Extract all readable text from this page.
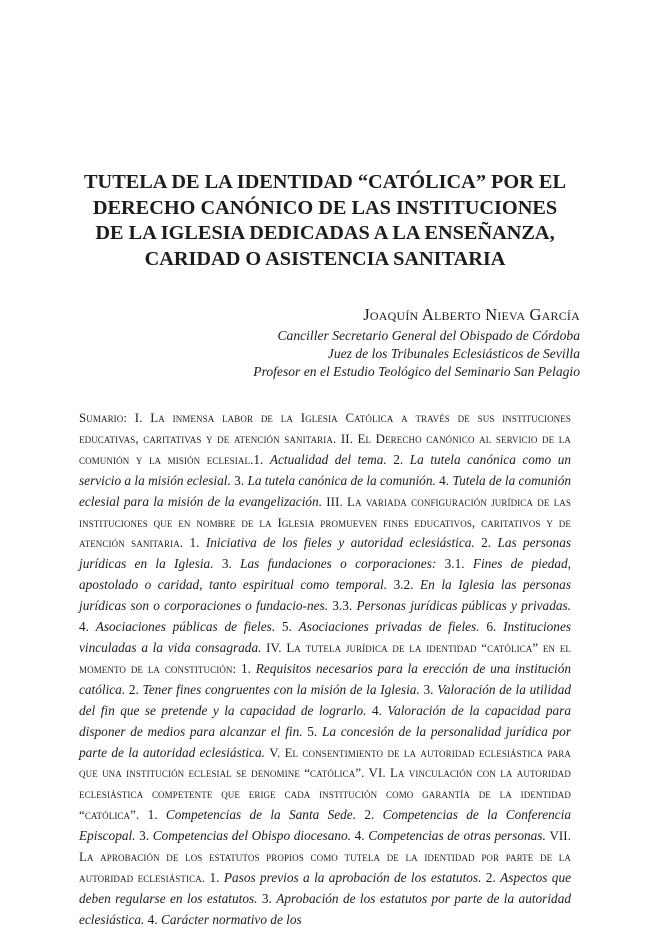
TUTELA DE LA IDENTIDAD “CATÓLICA” POR EL
DERECHO CANÓNICO DE LAS INSTITUCIONES
DE LA IGLESIA DEDICADAS A LA ENSEÑANZA,
CARIDAD O ASISTENCIA SANITARIA
Joaquín Alberto Nieva García
Canciller Secretario General del Obispado de Córdoba
Juez de los Tribunales Eclesiásticos de Sevilla
Profesor en el Estudio Teológico del Seminario San Pelagio

Sumario: I. La inmensa labor de la Iglesia Católica a través de sus instituciones educativas, caritativas y de atención sanitaria. II. El Derecho canónico al servicio de la comunión y la misión eclesial.1. Actualidad del tema. 2. La tutela canónica como un servicio a la misión eclesial. 3. La tutela canónica de la comunión. 4. Tutela de la comunión eclesial para la misión de la evangelización. III. La variada configuración jurídica de las instituciones que en nombre de la Iglesia promueven fines educativos, caritativos y de atención sanitaria. 1. Iniciativa de los fieles y autoridad eclesiástica. 2. Las personas jurídicas en la Iglesia. 3. Las fundaciones o corporaciones: 3.1. Fines de piedad, apostolado o caridad, tanto espiritual como temporal. 3.2. En la Iglesia las personas jurídicas son o corporaciones o fundacio-nes. 3.3. Personas jurídicas públicas y privadas. 4. Asociaciones públicas de fieles. 5. Asociaciones privadas de fieles. 6. Instituciones vinculadas a la vida consagrada. IV. La tutela jurídica de la identidad “católica” en el momento de la constitución: 1. Requisitos necesarios para la erección de una institución católica. 2. Tener fines congruentes con la misión de la Iglesia. 3. Valoración de la utilidad del fin que se pretende y la capacidad de lograrlo. 4. Valoración de la capacidad para disponer de medios para alcanzar el fin. 5. La concesión de la personalidad jurídica por parte de la autoridad eclesiástica. V. El consentimiento de la autoridad eclesiástica para que una institución eclesial se denomine “católica”. VI. La vinculación con la autoridad eclesiástica competente que erige cada institución como garantía de la identidad “católica”. 1. Competencias de la Santa Sede. 2. Competencias de la Conferencia Episcopal. 3. Competencias del Obispo diocesano. 4. Competencias de otras personas. VII. La aprobación de los estatutos propios como tutela de la identidad por parte de la autoridad eclesiástica. 1. Pasos previos a la aprobación de los estatutos. 2. Aspectos que deben regularse en los estatutos. 3. Aprobación de los estatutos por parte de la autoridad eclesiástica. 4. Carácter normativo de los
